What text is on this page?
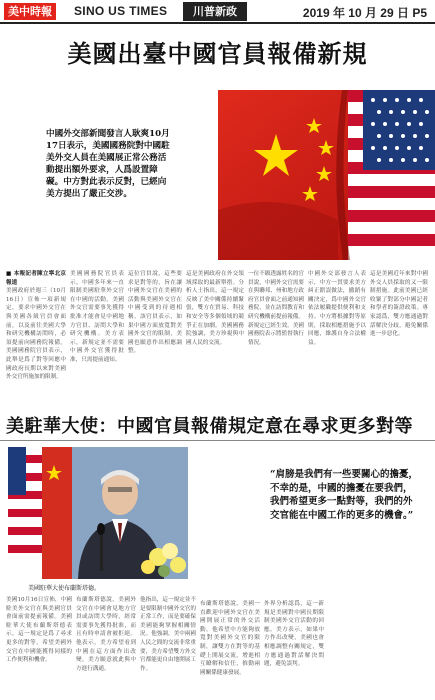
美中時報	SINO US TIMES	川普新政	2019 年 10 月 29 日 P5
美國出臺中國官員報備新規
中國外交部新聞發言人耿爽10月17日表示，美國國務院對中國駐美外交人員在美國展正常公務活動提出額外要求，人爲設置障礙。中方對此表示反對，已經向美方提出了嚴正交涉。
■ 本報記者陳立寧北京報道
美國政府於週三（10月16日）宣佈一項新規定，要求中國外交官在與美國各級官員會面前，以及前往美國大學和研究機構訪問時，必須提前向國務院報備。美國國務院官員表示，此舉是爲了對等回應中國政府長期以來對美國外交官所施加的限制。
美國國務院官員表示，中國多年來一直限制美國駐華外交官在中國的活動，美國外交官需要事先獲得批准才能會見中國地方官員、訪問大學和研究機構。美方表示，新規定並不需要中國外交官獲得批准，只需提前通知。
這位官員說，這些要求是對等的，旨在讓中國外交官在美國的活動與美國外交官在中國受到的待遇相稱。該官員表示，如果中國方面放寬對美國外交官的限制，美國也願意作出相應調整。
這是美國政府在外交領域採取的最新舉措。分析人士指出，這一規定反映了美中關係持續緊張，雙方在貿易、科技和安全等多個領域的競爭正在加劇。美國國務院強調，美方珍視與中國人民的交流。
一位不願透露姓名的官員說，中國外交官需要在與聯邦、州和地方政府官員會面之前通知國務院，並在訪問教育和研究機構前提前報備。新規定已經生效。美國國務院表示將監督執行情況。
中國外交部發言人表示，中方一貫要求美方糾正錯誤做法，撤銷有關決定，爲中國外交官依法履職提供便利和支持。中方將根據對等原則，採取相應措施予以回應，維護自身合法權益。
這是美國近年來對中國外交人員採取的又一限制措施。此前美國已經收緊了對部分中國記者和學者的簽證政策。專家認爲，雙方應通過對話解決分歧，避免關係進一步惡化。
美駐華大使：中國官員報備規定意在尋求更多對等
美國駐華大使布蘭斯塔德。
“肩膀是我們有一些要關心的擔憂，不幸的是，中國的擔憂在要我們，我們希望更多一點對等，我們的外交官能在中國工作的更多的機會。”
美國10月16日宣佈，中國駐美外交官在與美國官員會面前需提前報備。美國駐華大使布蘭斯塔德表示，這一規定是爲了尋求更多的對等，希望美國外交官在中國能獲得同樣的工作便利和機會。
布蘭斯塔德說，美國外交官在中國會見地方官員或訪問大學時，經常需要事先獲得批准，而且有時申請會被拒絕。他表示，美方希望看到中國在這方面作出改變，美方願意就此與中方進行溝通。
他指出，這一規定並不是要限制中國外交官的正常工作，而是要確保美國能夠掌握相關情況。他強調，美中兩國人民之間的交流非常重要，美方希望雙方外交官都能更自由地開展工作。
布蘭斯塔德說，美國一直歡迎中國外交官在美國開展正常的外交活動。他希望中方能夠放寬對美國外交官的限制，讓雙方在對等的基礎上開展交流，增進相互瞭解和信任，推動兩國關係健康發展。
外界分析認爲，這一新規是美國對中國長期限制美國外交官活動的回應。美方表示，如果中方作出改變，美國也會相應調整有關規定，雙方應通過對話解決問題，避免誤判。
